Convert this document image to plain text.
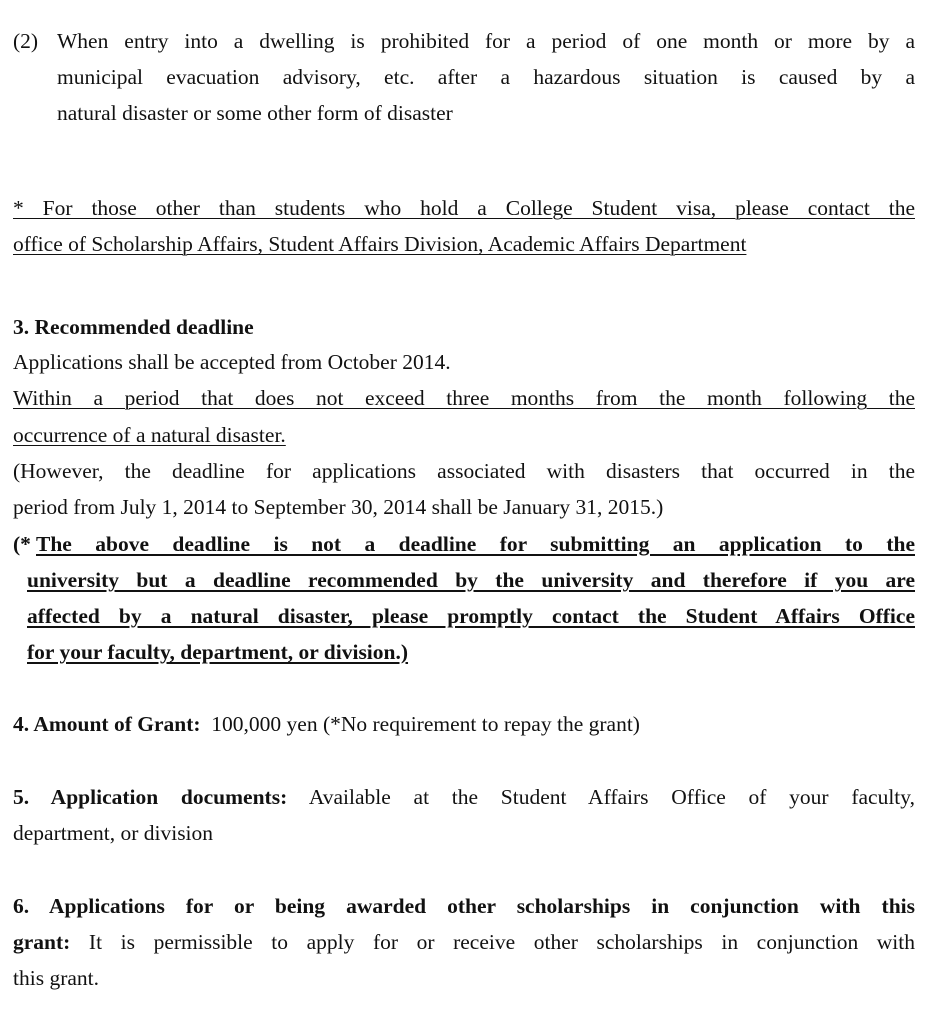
(2) When entry into a dwelling is prohibited for a period of one month or more by a
municipal evacuation advisory, etc. after a hazardous situation is caused by a
natural disaster or some other form of disaster
* For those other than students who hold a College Student visa, please contact the
office of Scholarship Affairs, Student Affairs Division, Academic Affairs Department
3. Recommended deadline
Applications shall be accepted from October 2014.
Within a period that does not exceed three months from the month following the
occurrence of a natural disaster.
(However, the deadline for applications associated with disasters that occurred in the
period from July 1, 2014 to September 30, 2014 shall be January 31, 2015.)
(* The above deadline is not a deadline for submitting an application to the
university but a deadline recommended by the university and therefore if you are
affected by a natural disaster, please promptly contact the Student Affairs Office
for your faculty, department, or division.)
4. Amount of Grant: 100,000 yen (*No requirement to repay the grant)
5. Application documents: Available at the Student Affairs Office of your faculty,
department, or division
6. Applications for or being awarded other scholarships in conjunction with this
grant: It is permissible to apply for or receive other scholarships in conjunction with
this grant.
